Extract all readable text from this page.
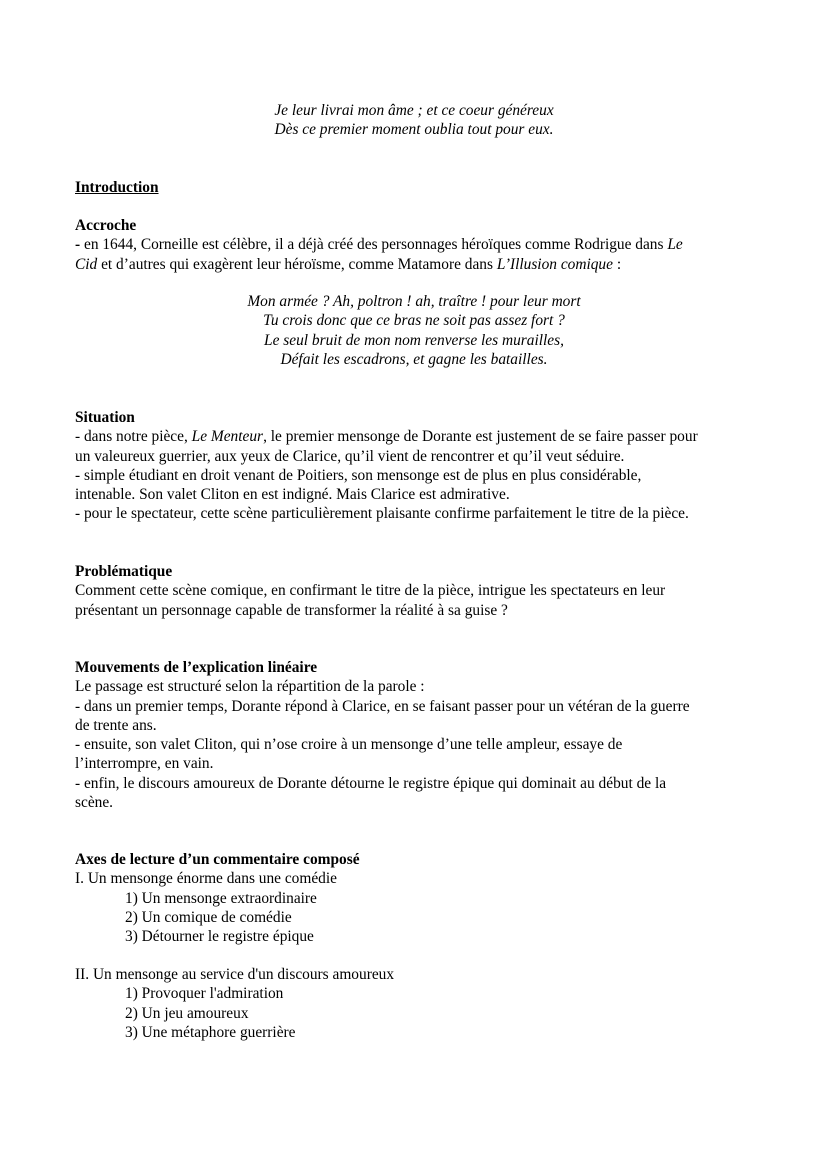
Je leur livrai mon âme ; et ce coeur généreux
Dès ce premier moment oublia tout pour eux.
Introduction
Accroche
- en 1644, Corneille est célèbre, il a déjà créé des personnages héroïques comme Rodrigue dans Le
Cid et d’autres qui exagèrent leur héroïsme, comme Matamore dans L’Illusion comique :
Mon armée ? Ah, poltron ! ah, traître ! pour leur mort
Tu crois donc que ce bras ne soit pas assez fort ?
Le seul bruit de mon nom renverse les murailles,
Défait les escadrons, et gagne les batailles.
Situation
- dans notre pièce, Le Menteur, le premier mensonge de Dorante est justement de se faire passer pour
un valeureux guerrier, aux yeux de Clarice, qu’il vient de rencontrer et qu’il veut séduire.
- simple étudiant en droit venant de Poitiers, son mensonge est de plus en plus considérable,
intenable. Son valet Cliton en est indigné. Mais Clarice est admirative.
- pour le spectateur, cette scène particulièrement plaisante confirme parfaitement le titre de la pièce.
Problématique
Comment cette scène comique, en confirmant le titre de la pièce, intrigue les spectateurs en leur
présentant un personnage capable de transformer la réalité à sa guise ?
Mouvements de l’explication linéaire
Le passage est structuré selon la répartition de la parole :
- dans un premier temps, Dorante répond à Clarice, en se faisant passer pour un vétéran de la guerre
de trente ans.
- ensuite, son valet Cliton, qui n’ose croire à un mensonge d’une telle ampleur, essaye de
l’interrompre, en vain.
- enfin, le discours amoureux de Dorante détourne le registre épique qui dominait au début de la
scène.
Axes de lecture d’un commentaire composé
I. Un mensonge énorme dans une comédie
1) Un mensonge extraordinaire
2) Un comique de comédie
3) Détourner le registre épique
II. Un mensonge au service d'un discours amoureux
1) Provoquer l'admiration
2) Un jeu amoureux
3) Une métaphore guerrière
